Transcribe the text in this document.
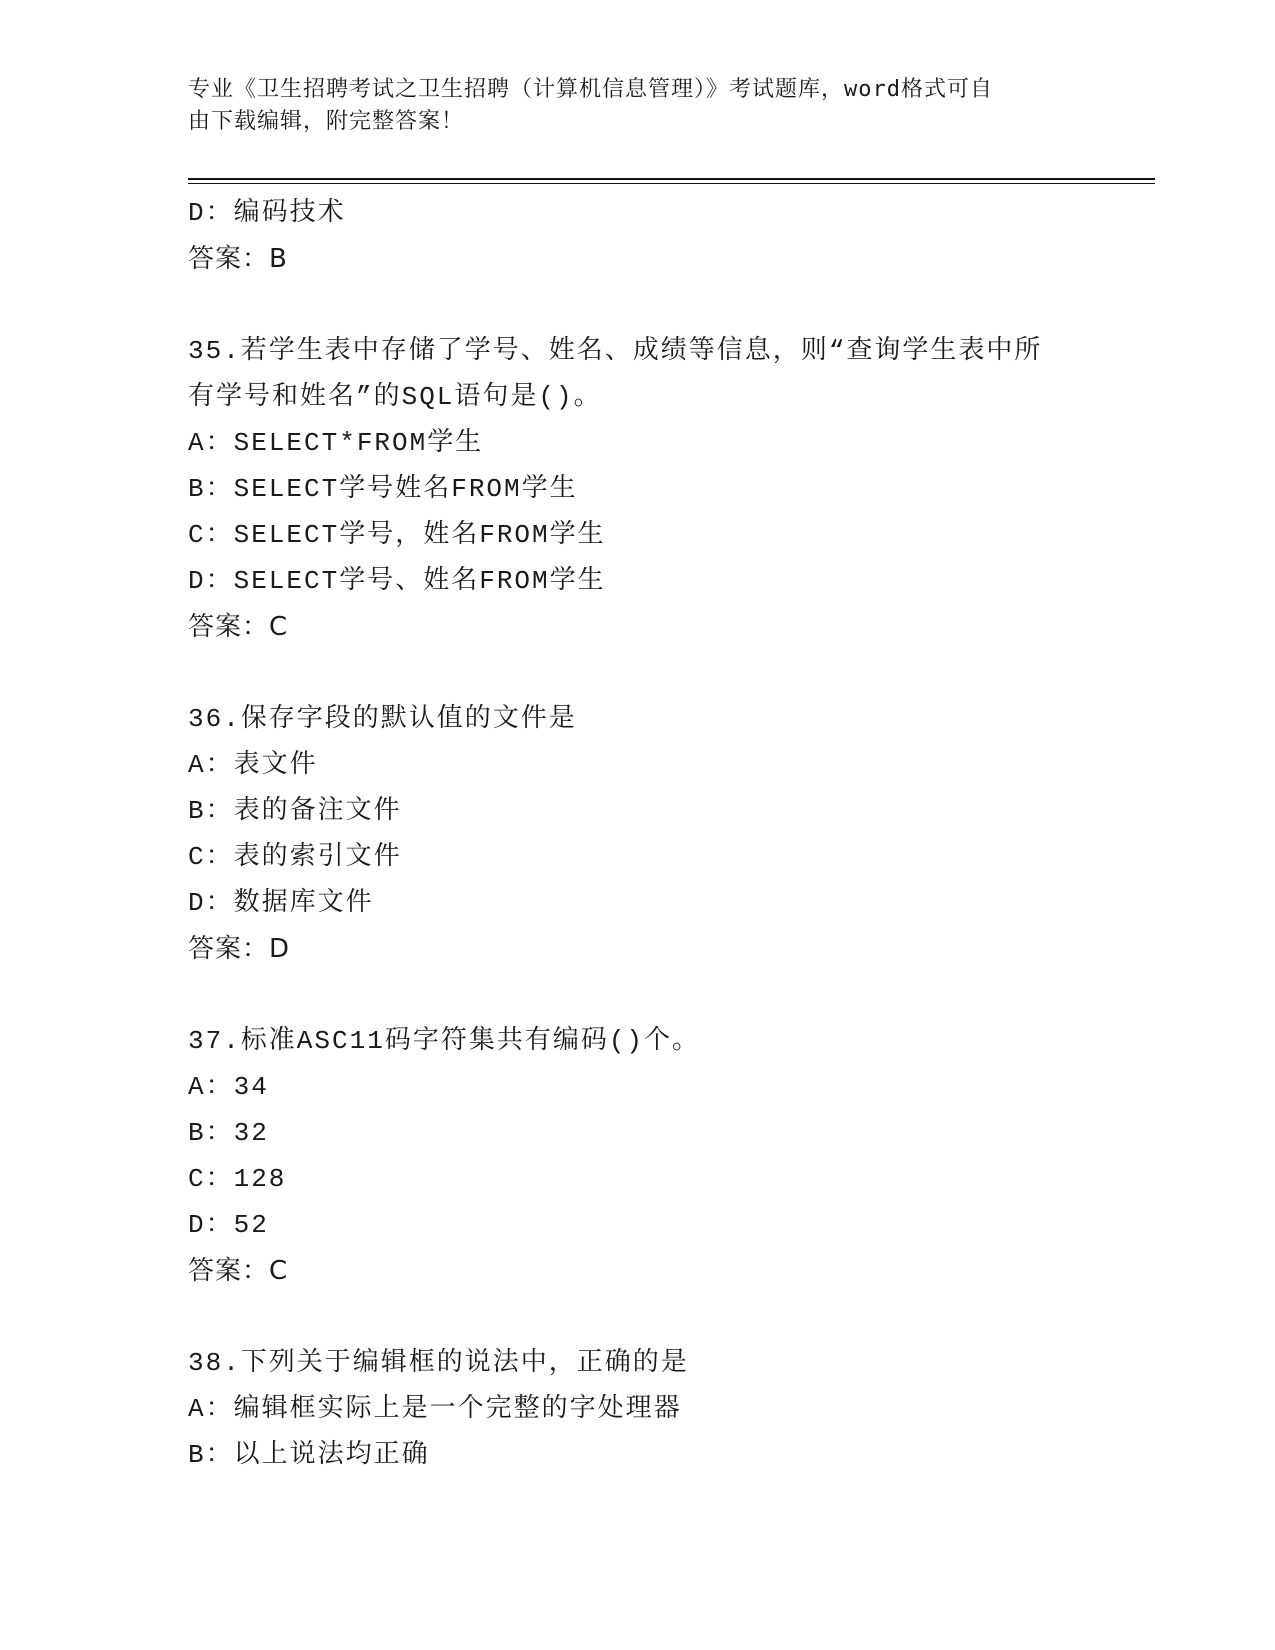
专业《卫生招聘考试之卫生招聘（计算机信息管理）》考试题库，word格式可自
由下载编辑，附完整答案！
D：编码技术
答案：B
35.若学生表中存储了学号、姓名、成绩等信息，则“查询学生表中所
有学号和姓名”的SQL语句是()。
A：SELECT*FROM学生
B：SELECT学号姓名FROM学生
C：SELECT学号，姓名FROM学生
D：SELECT学号、姓名FROM学生
答案：C
36.保存字段的默认值的文件是
A：表文件
B：表的备注文件
C：表的索引文件
D：数据库文件
答案：D
37.标准ASC11码字符集共有编码()个。
A：34
B：32
C：128
D：52
答案：C
38.下列关于编辑框的说法中，正确的是
A：编辑框实际上是一个完整的字处理器
B：以上说法均正确
